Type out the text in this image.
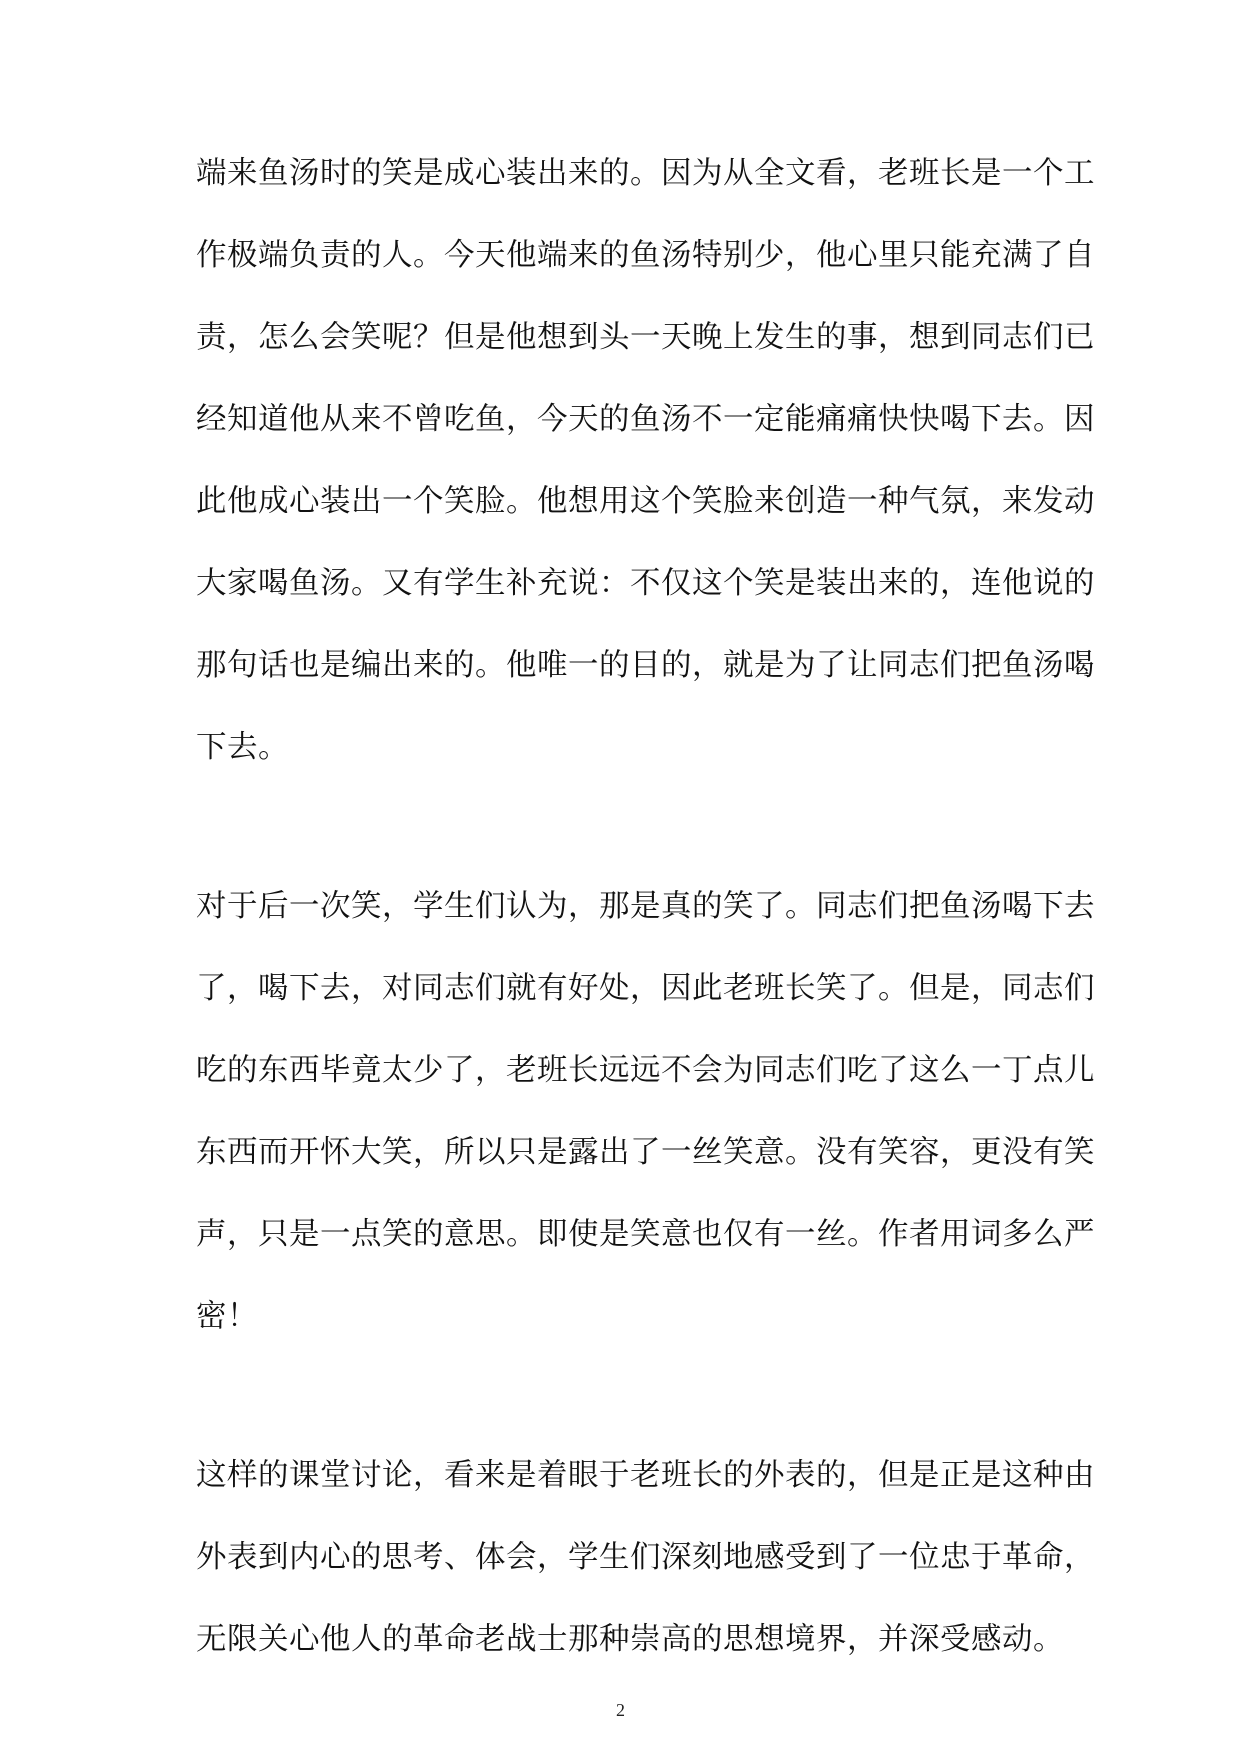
端来鱼汤时的笑是成心装出来的。因为从全文看，老班长是一个工
作极端负责的人。今天他端来的鱼汤特别少，他心里只能充满了自
责，怎么会笑呢？但是他想到头一天晚上发生的事，想到同志们已
经知道他从来不曾吃鱼，今天的鱼汤不一定能痛痛快快喝下去。因
此他成心装出一个笑脸。他想用这个笑脸来创造一种气氛，来发动
大家喝鱼汤。又有学生补充说：不仅这个笑是装出来的，连他说的
那句话也是编出来的。他唯一的目的，就是为了让同志们把鱼汤喝
下去。
对于后一次笑，学生们认为，那是真的笑了。同志们把鱼汤喝下去
了，喝下去，对同志们就有好处，因此老班长笑了。但是，同志们
吃的东西毕竟太少了，老班长远远不会为同志们吃了这么一丁点儿
东西而开怀大笑，所以只是露出了一丝笑意。没有笑容，更没有笑
声，只是一点笑的意思。即使是笑意也仅有一丝。作者用词多么严
密！
这样的课堂讨论，看来是着眼于老班长的外表的，但是正是这种由
外表到内心的思考、体会，学生们深刻地感受到了一位忠于革命，
无限关心他人的革命老战士那种崇高的思想境界，并深受感动。
2
